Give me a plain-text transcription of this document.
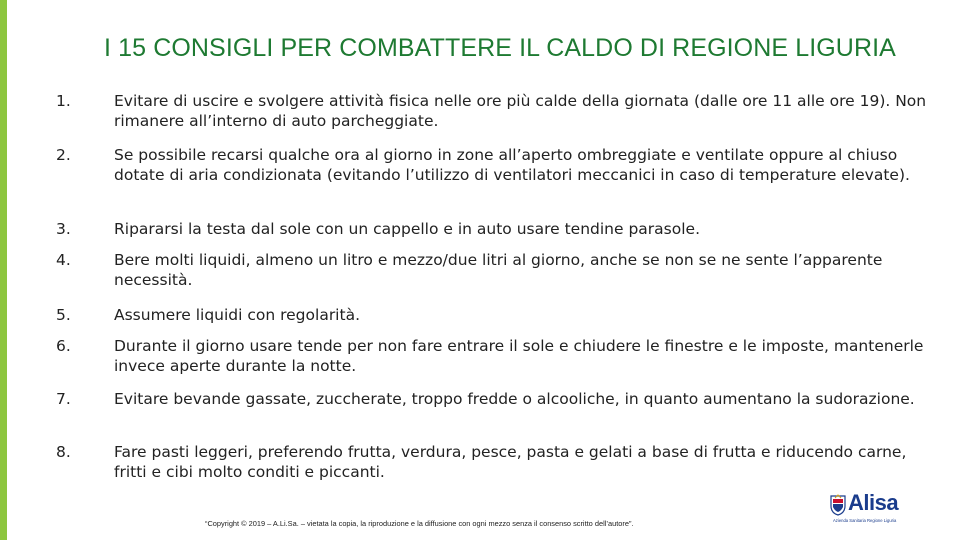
I 15 CONSIGLI PER COMBATTERE IL CALDO DI REGIONE LIGURIA
1.	Evitare di uscire e svolgere attività fisica nelle ore più calde della giornata (dalle ore 11 alle ore 19). Non rimanere all’interno di auto parcheggiate.
2.	Se possibile recarsi qualche ora al giorno in zone all’aperto ombreggiate e ventilate oppure al chiuso dotate di aria condizionata (evitando l’utilizzo di ventilatori meccanici in caso di temperature elevate).
3.	Ripararsi la testa dal sole con un cappello e in auto usare tendine parasole.
4.	Bere molti liquidi, almeno un litro e mezzo/due litri al giorno, anche se non se ne sente l’apparente necessità.
5.	Assumere liquidi con regolarità.
6.	Durante il giorno usare tende per non fare entrare il sole e chiudere le finestre e le imposte, mantenerle invece aperte durante la notte.
7.	Evitare bevande gassate, zuccherate, troppo fredde o alcooliche, in quanto aumentano la sudorazione.
8.	Fare pasti leggeri, preferendo frutta, verdura, pesce, pasta e gelati a base di frutta e riducendo carne, fritti e cibi molto conditi e piccanti.
“Copyright © 2019 – A.Li.Sa. – vietata la copia, la riproduzione e la diffusione con ogni mezzo senza il consenso scritto dell’autore”.
Alisa
Azienda Sanitaria Regione Liguria
